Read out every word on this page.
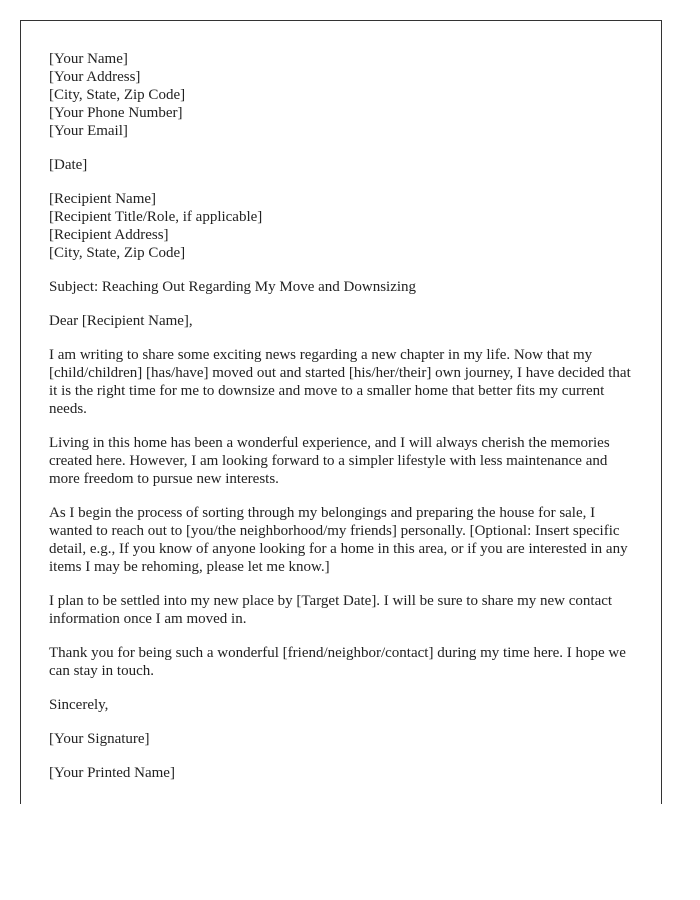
[Your Name]
[Your Address]
[City, State, Zip Code]
[Your Phone Number]
[Your Email]

[Date]

[Recipient Name]
[Recipient Title/Role, if applicable]
[Recipient Address]
[City, State, Zip Code]

Subject: Reaching Out Regarding My Move and Downsizing

Dear [Recipient Name],

I am writing to share some exciting news regarding a new chapter in my life. Now that my [child/children] [has/have] moved out and started [his/her/their] own journey, I have decided that it is the right time for me to downsize and move to a smaller home that better fits my current needs.

Living in this home has been a wonderful experience, and I will always cherish the memories created here. However, I am looking forward to a simpler lifestyle with less maintenance and more freedom to pursue new interests.

As I begin the process of sorting through my belongings and preparing the house for sale, I wanted to reach out to [you/the neighborhood/my friends] personally. [Optional: Insert specific detail, e.g., If you know of anyone looking for a home in this area, or if you are interested in any items I may be rehoming, please let me know.]

I plan to be settled into my new place by [Target Date]. I will be sure to share my new contact information once I am moved in.

Thank you for being such a wonderful [friend/neighbor/contact] during my time here. I hope we can stay in touch.

Sincerely,

[Your Signature]

[Your Printed Name]
